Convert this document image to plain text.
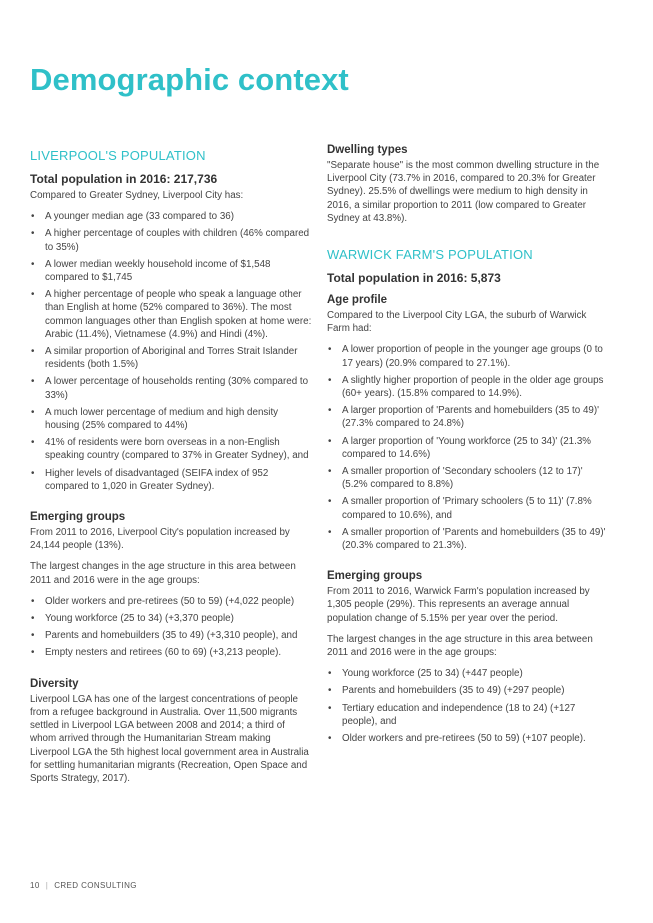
Demographic context
LIVERPOOL'S POPULATION
Total population in 2016: 217,736

Compared to Greater Sydney, Liverpool City has:

• A younger median age (33 compared to 36)
• A higher percentage of couples with children (46% compared to 35%)
• A lower median weekly household income of $1,548 compared to $1,745
• A higher percentage of people who speak a language other than English at home (52% compared to 36%). The most common languages other than English spoken at home were: Arabic (11.4%), Vietnamese (4.9%) and Hindi (4%).
• A similar proportion of Aboriginal and Torres Strait Islander residents (both 1.5%)
• A lower percentage of households renting (30% compared to 33%)
• A much lower percentage of medium and high density housing (25% compared to 44%)
• 41% of residents were born overseas in a non-English speaking country (compared to 37% in Greater Sydney), and
• Higher levels of disadvantaged (SEIFA index of 952 compared to 1,020 in Greater Sydney).
Emerging groups

From 2011 to 2016, Liverpool City's population increased by 24,144 people (13%).

The largest changes in the age structure in this area between 2011 and 2016 were in the age groups:

• Older workers and pre-retirees (50 to 59) (+4,022 people)
• Young workforce (25 to 34) (+3,370 people)
• Parents and homebuilders (35 to 49) (+3,310 people), and
• Empty nesters and retirees (60 to 69) (+3,213 people).
Diversity

Liverpool LGA has one of the largest concentrations of people from a refugee background in Australia. Over 11,500 migrants settled in Liverpool LGA between 2008 and 2014; a third of whom arrived through the Humanitarian Stream making Liverpool LGA the 5th highest local government area in Australia for settling humanitarian migrants (Recreation, Open Space and Sports Strategy, 2017).

Dwelling types

"Separate house" is the most common dwelling structure in the Liverpool City (73.7% in 2016, compared to 20.3% for Greater Sydney). 25.5% of dwellings were medium to high density in 2016, a similar proportion to 2011 (low compared to Greater Sydney at 43.8%).

WARWICK FARM'S POPULATION
Total population in 2016: 5,873
Age profile

Compared to the Liverpool City LGA, the suburb of Warwick Farm had:

• A lower proportion of people in the younger age groups (0 to 17 years) (20.9% compared to 27.1%).
• A slightly higher proportion of people in the older age groups (60+ years). (15.8% compared to 14.9%).
• A larger proportion of 'Parents and homebuilders (35 to 49)' (27.3% compared to 24.8%)
• A larger proportion of 'Young workforce (25 to 34)' (21.3% compared to 14.6%)
• A smaller proportion of 'Secondary schoolers (12 to 17)' (5.2% compared to 8.8%)
• A smaller proportion of 'Primary schoolers (5 to 11)' (7.8% compared to 10.6%), and
• A smaller proportion of 'Parents and homebuilders (35 to 49)' (20.3% compared to 21.3%).
Emerging groups

From 2011 to 2016, Warwick Farm's population increased by 1,305 people (29%). This represents an average annual population change of 5.15% per year over the period.

The largest changes in the age structure in this area between 2011 and 2016 were in the age groups:

• Young workforce (25 to 34) (+447 people)
• Parents and homebuilders (35 to 49) (+297 people)
• Tertiary education and independence (18 to 24) (+127 people), and
• Older workers and pre-retirees (50 to 59) (+107 people).
10 | CRED CONSULTING
